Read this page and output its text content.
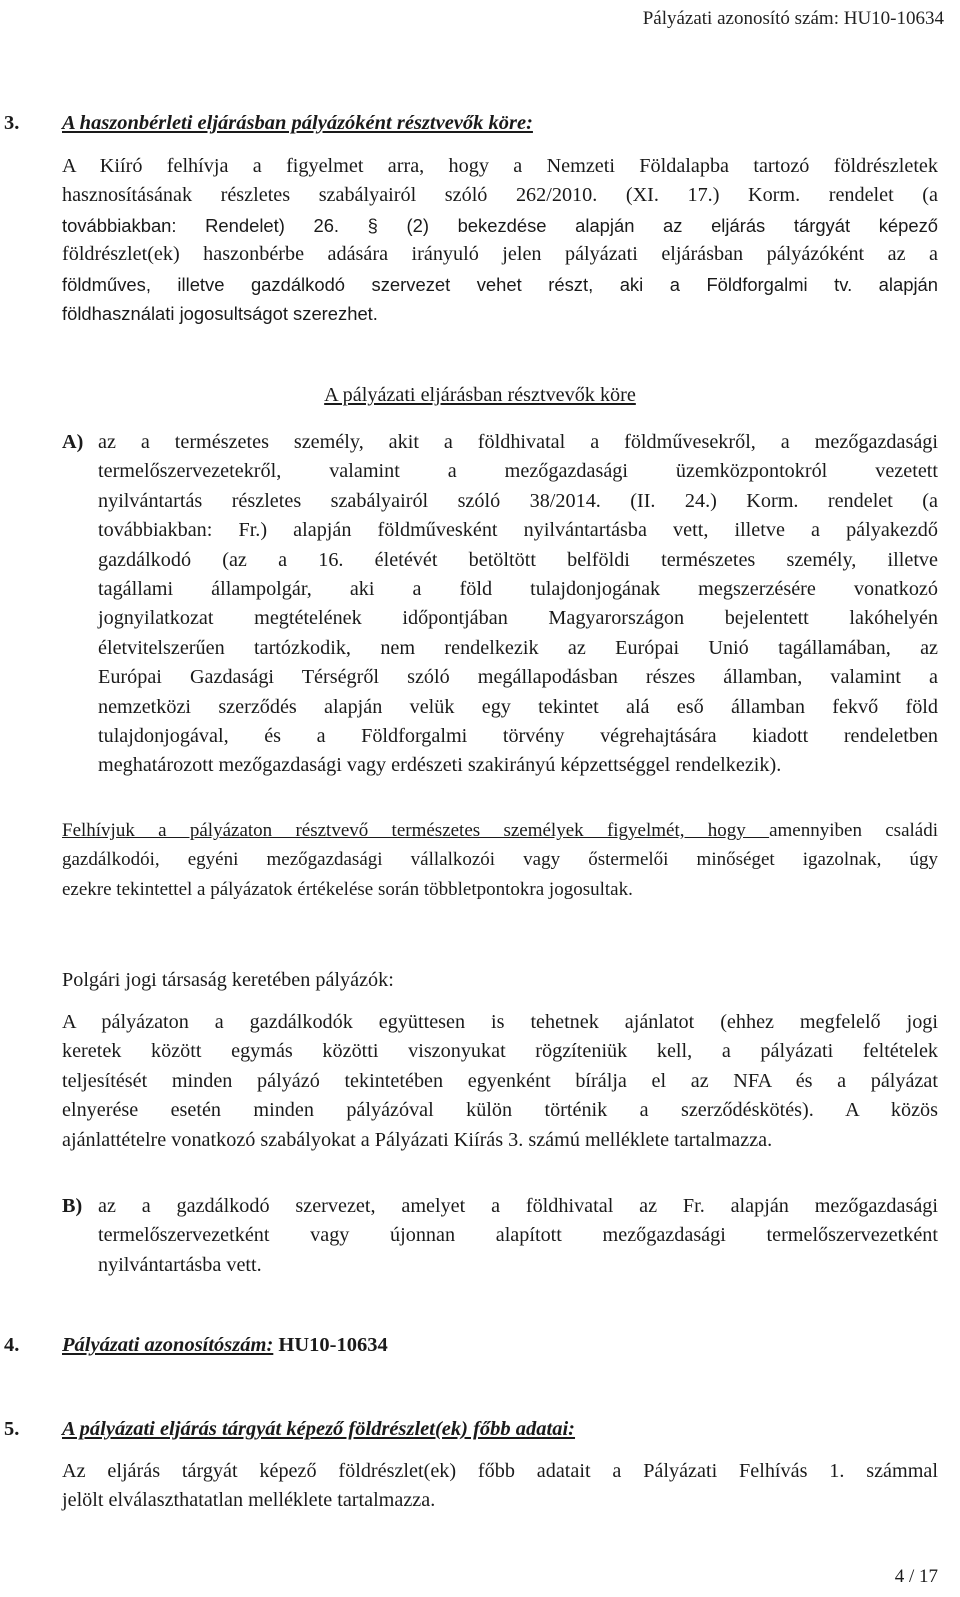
Pályázati azonosító szám: HU10-10634
3. A haszonbérleti eljárásban pályázóként résztvevők köre:
A Kiíró felhívja a figyelmet arra, hogy a Nemzeti Földalapba tartozó földrészletek
hasznosításának részletes szabályairól szóló 262/2010. (XI. 17.) Korm. rendelet (a
továbbiakban: Rendelet) 26. § (2) bekezdése alapján az eljárás tárgyát képező
földrészlet(ek) haszonbérbe adására irányuló jelen pályázati eljárásban pályázóként az a
földműves, illetve gazdálkodó szervezet vehet részt, aki a Földforgalmi tv. alapján
földhasználati jogosultságot szerezhet.
A pályázati eljárásban résztvevők köre
A) az a természetes személy, akit a földhivatal a földművesekről, a mezőgazdasági
termelőszervezetekről, valamint a mezőgazdasági üzemközpontokról vezetett
nyilvántartás részletes szabályairól szóló 38/2014. (II. 24.) Korm. rendelet (a
továbbiakban: Fr.) alapján földművesként nyilvántartásba vett, illetve a pályakezdő
gazdálkodó (az a 16. életévét betöltött belföldi természetes személy, illetve
tagállami állampolgár, aki a föld tulajdonjogának megszerzésére vonatkozó
jognyilatkozat megtételének időpontjában Magyarországon bejelentett lakóhelyén
életvitelszerűen tartózkodik, nem rendelkezik az Európai Unió tagállamában, az
Európai Gazdasági Térségről szóló megállapodásban részes államban, valamint a
nemzetközi szerződés alapján velük egy tekintet alá eső államban fekvő föld
tulajdonjogával, és a Földforgalmi törvény végrehajtására kiadott rendeletben
meghatározott mezőgazdasági vagy erdészeti szakirányú képzettséggel rendelkezik).
Felhívjuk a pályázaton résztvevő természetes személyek figyelmét, hogy amennyiben családi
gazdálkodói, egyéni mezőgazdasági vállalkozói vagy őstermelői minőséget igazolnak, úgy
ezekre tekintettel a pályázatok értékelése során többletpontokra jogosultak.
Polgári jogi társaság keretében pályázók:
A pályázaton a gazdálkodók együttesen is tehetnek ajánlatot (ehhez megfelelő jogi
keretek között egymás közötti viszonyukat rögzíteniük kell, a pályázati feltételek
teljesítését minden pályázó tekintetében egyenként bírálja el az NFA és a pályázat
elnyerése esetén minden pályázóval külön történik a szerződéskötés). A közös
ajánlattételre vonatkozó szabályokat a Pályázati Kiírás 3. számú melléklete tartalmazza.
B) az a gazdálkodó szervezet, amelyet a földhivatal az Fr. alapján mezőgazdasági
termelőszervezetként vagy újonnan alapított mezőgazdasági termelőszervezetként
nyilvántartásba vett.
4. Pályázati azonosítószám: HU10-10634
5. A pályázati eljárás tárgyát képező földrészlet(ek) főbb adatai:
Az eljárás tárgyát képező földrészlet(ek) főbb adatait a Pályázati Felhívás 1. számmal
jelölt elválaszthatatlan melléklete tartalmazza.
4 / 17
